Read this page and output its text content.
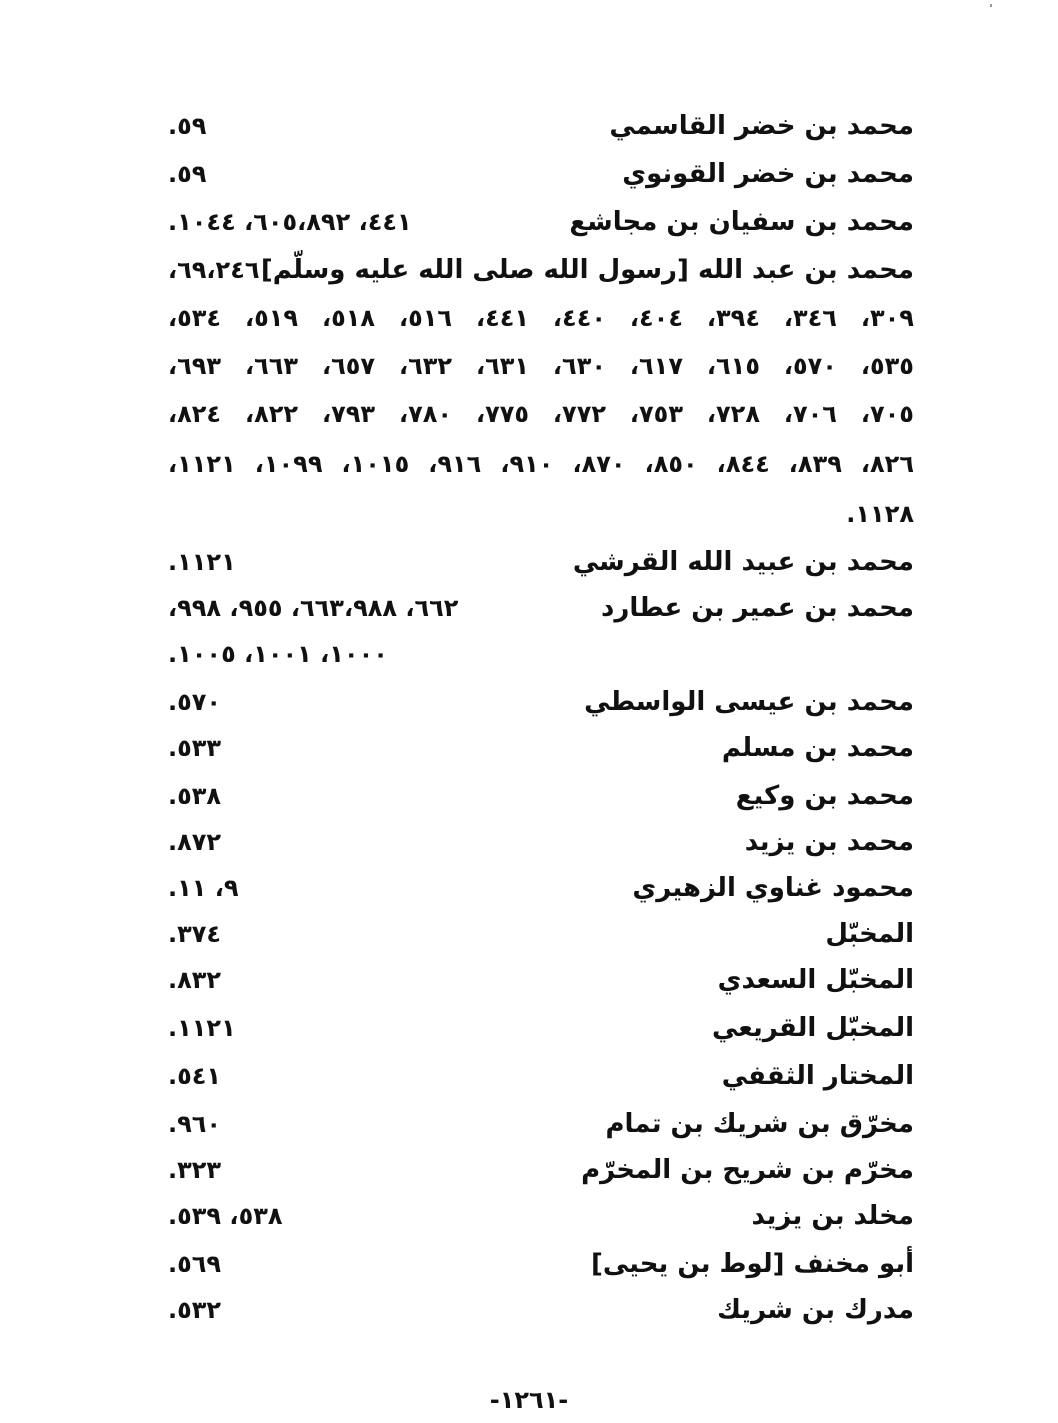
محمد بن خضر القاسمي
٥٩.
محمد بن خضر القونوي
٥٩.
محمد بن سفيان بن مجاشع
٤٤١، ٦٠٥،٨٩٢، ١٠٤٤.
محمد بن عبد الله [رسول الله صلى الله عليه وسلّم]
٦٩،٢٤٦،
٣٠٩، ٣٤٦، ٣٩٤، ٤٠٤، ٤٤٠، ٤٤١، ٥١٦، ٥١٨، ٥١٩، ٥٣٤،
٥٣٥، ٥٧٠، ٦١٥، ٦١٧، ٦٣٠، ٦٣١، ٦٣٢، ٦٥٧، ٦٦٣، ٦٩٣،
٧٠٥، ٧٠٦، ٧٢٨، ٧٥٣، ٧٧٢، ٧٧٥، ٧٨٠، ٧٩٣، ٨٢٢، ٨٢٤،
٨٢٦، ٨٣٩، ٨٤٤، ٨٥٠، ٨٧٠، ٩١٠، ٩١٦، ١٠١٥، ١٠٩٩، ١١٢١،
١١٢٨.
محمد بن عبيد الله القرشي
١١٢١.
محمد بن عمير بن عطارد
٦٦٢، ٦٦٣،٩٨٨، ٩٥٥، ٩٩٨،
١٠٠٠، ١٠٠١، ١٠٠٥.
محمد بن عيسى الواسطي
٥٧٠.
محمد بن مسلم
٥٣٣.
محمد بن وكيع
٥٣٨.
محمد بن يزيد
٨٧٢.
محمود غناوي الزهيري
٩، ١١.
المخبّل
٣٧٤.
المخبّل السعدي
٨٣٢.
المخبّل القريعي
١١٢١.
المختار الثقفي
٥٤١.
مخرّق بن شريك بن تمام
٩٦٠.
مخرّم بن شريح بن المخرّم
٣٢٣.
مخلد بن يزيد
٥٣٨، ٥٣٩.
أبو مخنف [لوط بن يحيى]
٥٦٩.
مدرك بن شريك
٥٣٢.
-١٢٦١-
